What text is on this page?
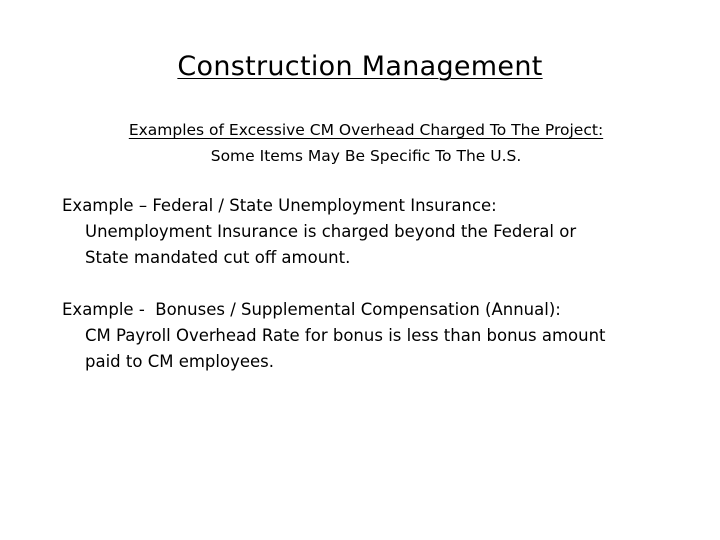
Construction Management
Examples of Excessive CM Overhead Charged To The Project:
Some Items May Be Specific To The U.S.

Example – Federal / State Unemployment Insurance:

Unemployment Insurance is charged beyond the Federal or

State mandated cut off amount.

Example -  Bonuses / Supplemental Compensation (Annual):

CM Payroll Overhead Rate for bonus is less than bonus amount

paid to CM employees.
